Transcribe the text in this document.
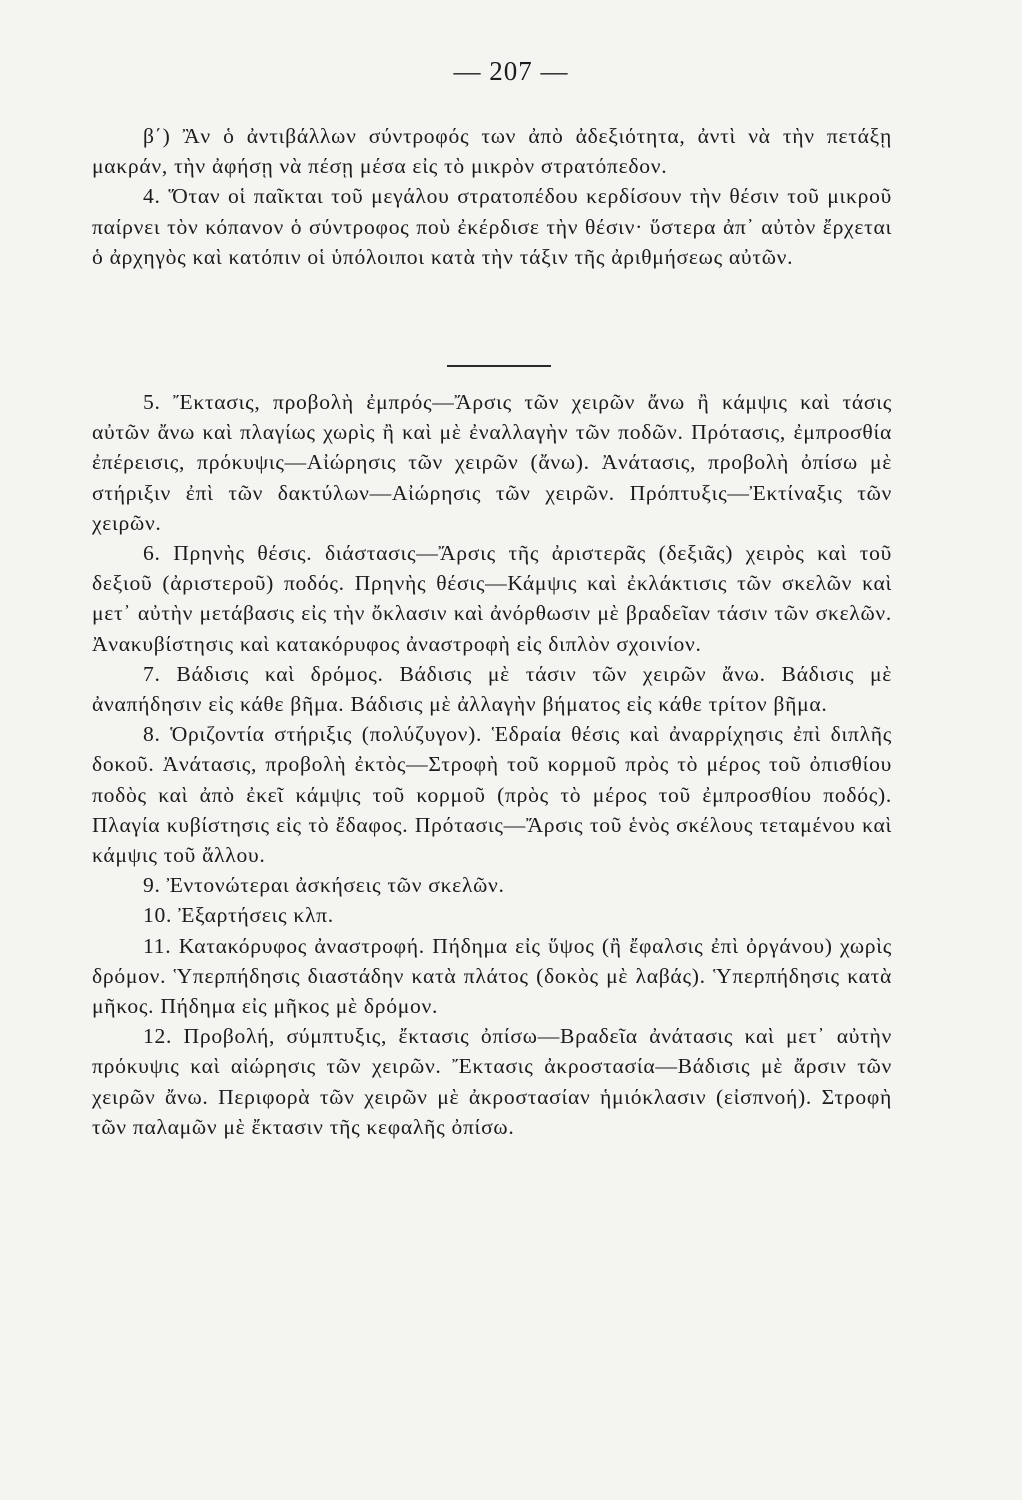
— 207 —

β΄) Ἂν ὁ ἀντιβάλλων σύντροφός των ἀπὸ ἀδεξιότητα, ἀντὶ νὰ τὴν πετάξῃ μακράν, τὴν ἀφήσῃ νὰ πέσῃ μέσα εἰς τὸ μικρὸν στρατόπεδον.

4. Ὅταν οἱ παῖκται τοῦ μεγάλου στρατοπέδου κερδίσουν τὴν θέσιν τοῦ μικροῦ παίρνει τὸν κόπανον ὁ σύντροφος ποὺ ἐκέρδισε τὴν θέσιν· ὕστερα ἀπ᾽ αὐτὸν ἔρχεται ὁ ἀρχηγὸς καὶ κατόπιν οἱ ὑπόλοιποι κατὰ τὴν τάξιν τῆς ἀριθμήσεως αὐτῶν.

5. Ἔκτασις, προβολὴ ἐμπρός—Ἄρσις τῶν χειρῶν ἄνω ἢ κάμψις καὶ τάσις αὐτῶν ἄνω καὶ πλαγίως χωρὶς ἢ καὶ μὲ ἐναλλαγὴν τῶν ποδῶν. Πρότασις, ἐμπροσθία ἐπέρεισις, πρόκυψις—Αἰώρησις τῶν χειρῶν (ἄνω). Ἀνάτασις, προβολὴ ὀπίσω μὲ στήριξιν ἐπὶ τῶν δακτύλων—Αἰώρησις τῶν χειρῶν. Πρόπτυξις—Ἐκτίναξις τῶν χειρῶν.

6. Πρηνὴς θέσις. διάστασις—Ἄρσις τῆς ἀριστερᾶς (δεξιᾶς) χειρὸς καὶ τοῦ δεξιοῦ (ἀριστεροῦ) ποδός. Πρηνὴς θέσις—Κάμψις καὶ ἐκλάκτισις τῶν σκελῶν καὶ μετ᾽ αὐτὴν μετάβασις εἰς τὴν ὄκλασιν καὶ ἀνόρθωσιν μὲ βραδεῖαν τάσιν τῶν σκελῶν. Ἀνακυβίστησις καὶ κατακόρυφος ἀναστροφὴ εἰς διπλὸν σχοινίον.

7. Βάδισις καὶ δρόμος. Βάδισις μὲ τάσιν τῶν χειρῶν ἄνω. Βάδισις μὲ ἀναπήδησιν εἰς κάθε βῆμα. Βάδισις μὲ ἀλλαγὴν βήματος εἰς κάθε τρίτον βῆμα.

8. Ὁριζοντία στήριξις (πολύζυγον). Ἑδραία θέσις καὶ ἀναρρίχησις ἐπὶ διπλῆς δοκοῦ. Ἀνάτασις, προβολὴ ἐκτὸς—Στροφὴ τοῦ κορμοῦ πρὸς τὸ μέρος τοῦ ὀπισθίου ποδὸς καὶ ἀπὸ ἐκεῖ κάμψις τοῦ κορμοῦ (πρὸς τὸ μέρος τοῦ ἐμπροσθίου ποδός). Πλαγία κυβίστησις εἰς τὸ ἔδαφος. Πρότασις—Ἄρσις τοῦ ἑνὸς σκέλους τεταμένου καὶ κάμψις τοῦ ἄλλου.

9. Ἐντονώτεραι ἀσκήσεις τῶν σκελῶν.

10. Ἐξαρτήσεις κλπ.

11. Κατακόρυφος ἀναστροφή. Πήδημα εἰς ὕψος (ἢ ἔφαλσις ἐπὶ ὀργάνου) χωρὶς δρόμον. Ὑπερπήδησις διαστάδην κατὰ πλάτος (δοκὸς μὲ λαβάς). Ὑπερπήδησις κατὰ μῆκος. Πήδημα εἰς μῆκος μὲ δρόμον.

12. Προβολή, σύμπτυξις, ἔκτασις ὀπίσω—Βραδεῖα ἀνάτασις καὶ μετ᾽ αὐτὴν πρόκυψις καὶ αἰώρησις τῶν χειρῶν. Ἔκτασις ἀκροστασία—Βάδισις μὲ ἄρσιν τῶν χειρῶν ἄνω. Περιφορὰ τῶν χειρῶν μὲ ἀκροστασίαν ἡμιόκλασιν (εἰσπνοή). Στροφὴ τῶν παλαμῶν μὲ ἔκτασιν τῆς κεφαλῆς ὀπίσω.
